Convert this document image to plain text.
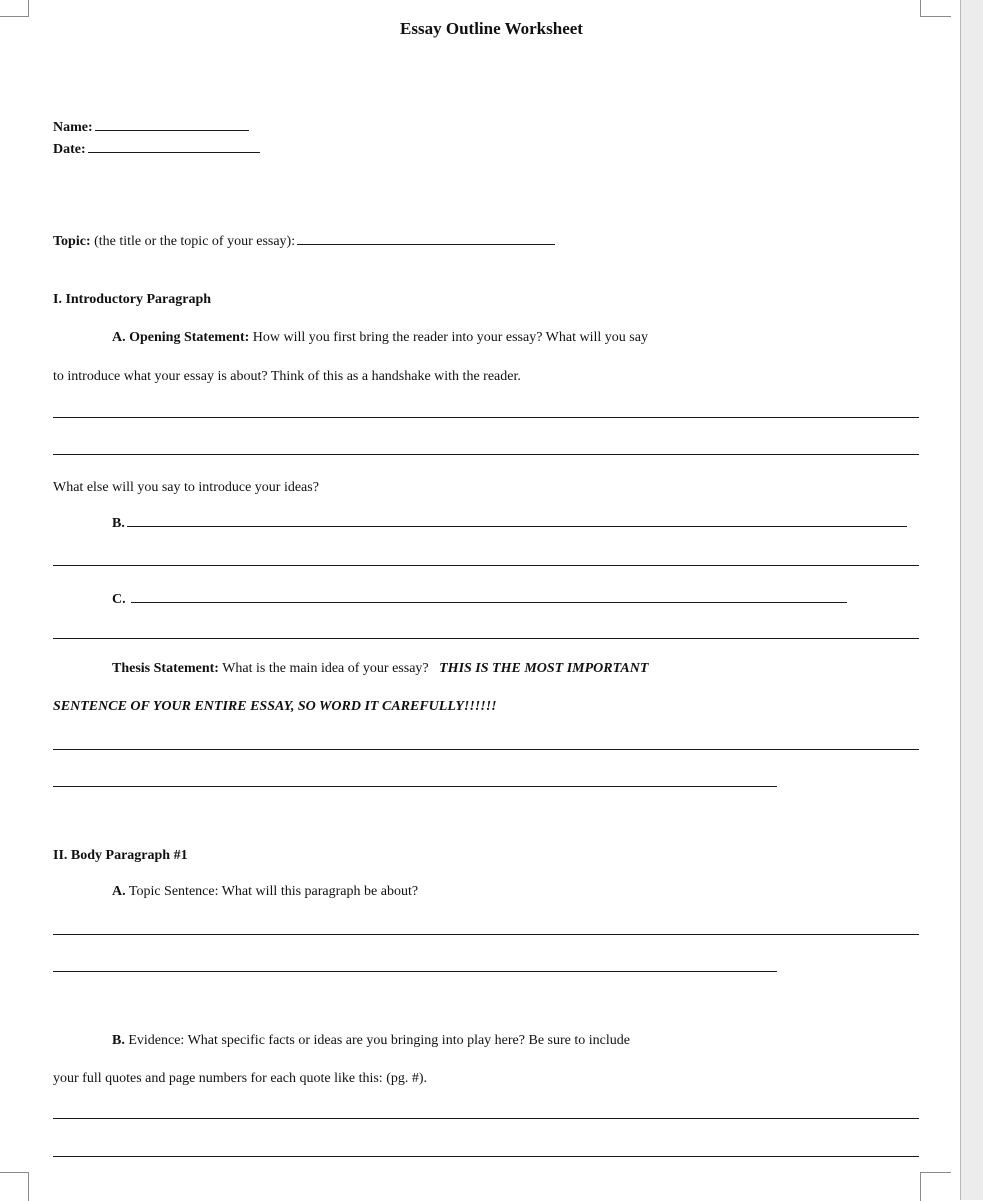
Essay Outline Worksheet
Name:
Date:
Topic: (the title or the topic of your essay):
I. Introductory Paragraph
A. Opening Statement: How will you first bring the reader into your essay? What will you say
to introduce what your essay is about? Think of this as a handshake with the reader.
What else will you say to introduce your ideas?
B.
C.
Thesis Statement: What is the main idea of your essay? THIS IS THE MOST IMPORTANT
SENTENCE OF YOUR ENTIRE ESSAY, SO WORD IT CAREFULLY!!!!!!
II. Body Paragraph #1
A. Topic Sentence: What will this paragraph be about?
B. Evidence: What specific facts or ideas are you bringing into play here? Be sure to include
your full quotes and page numbers for each quote like this: (pg. #).
